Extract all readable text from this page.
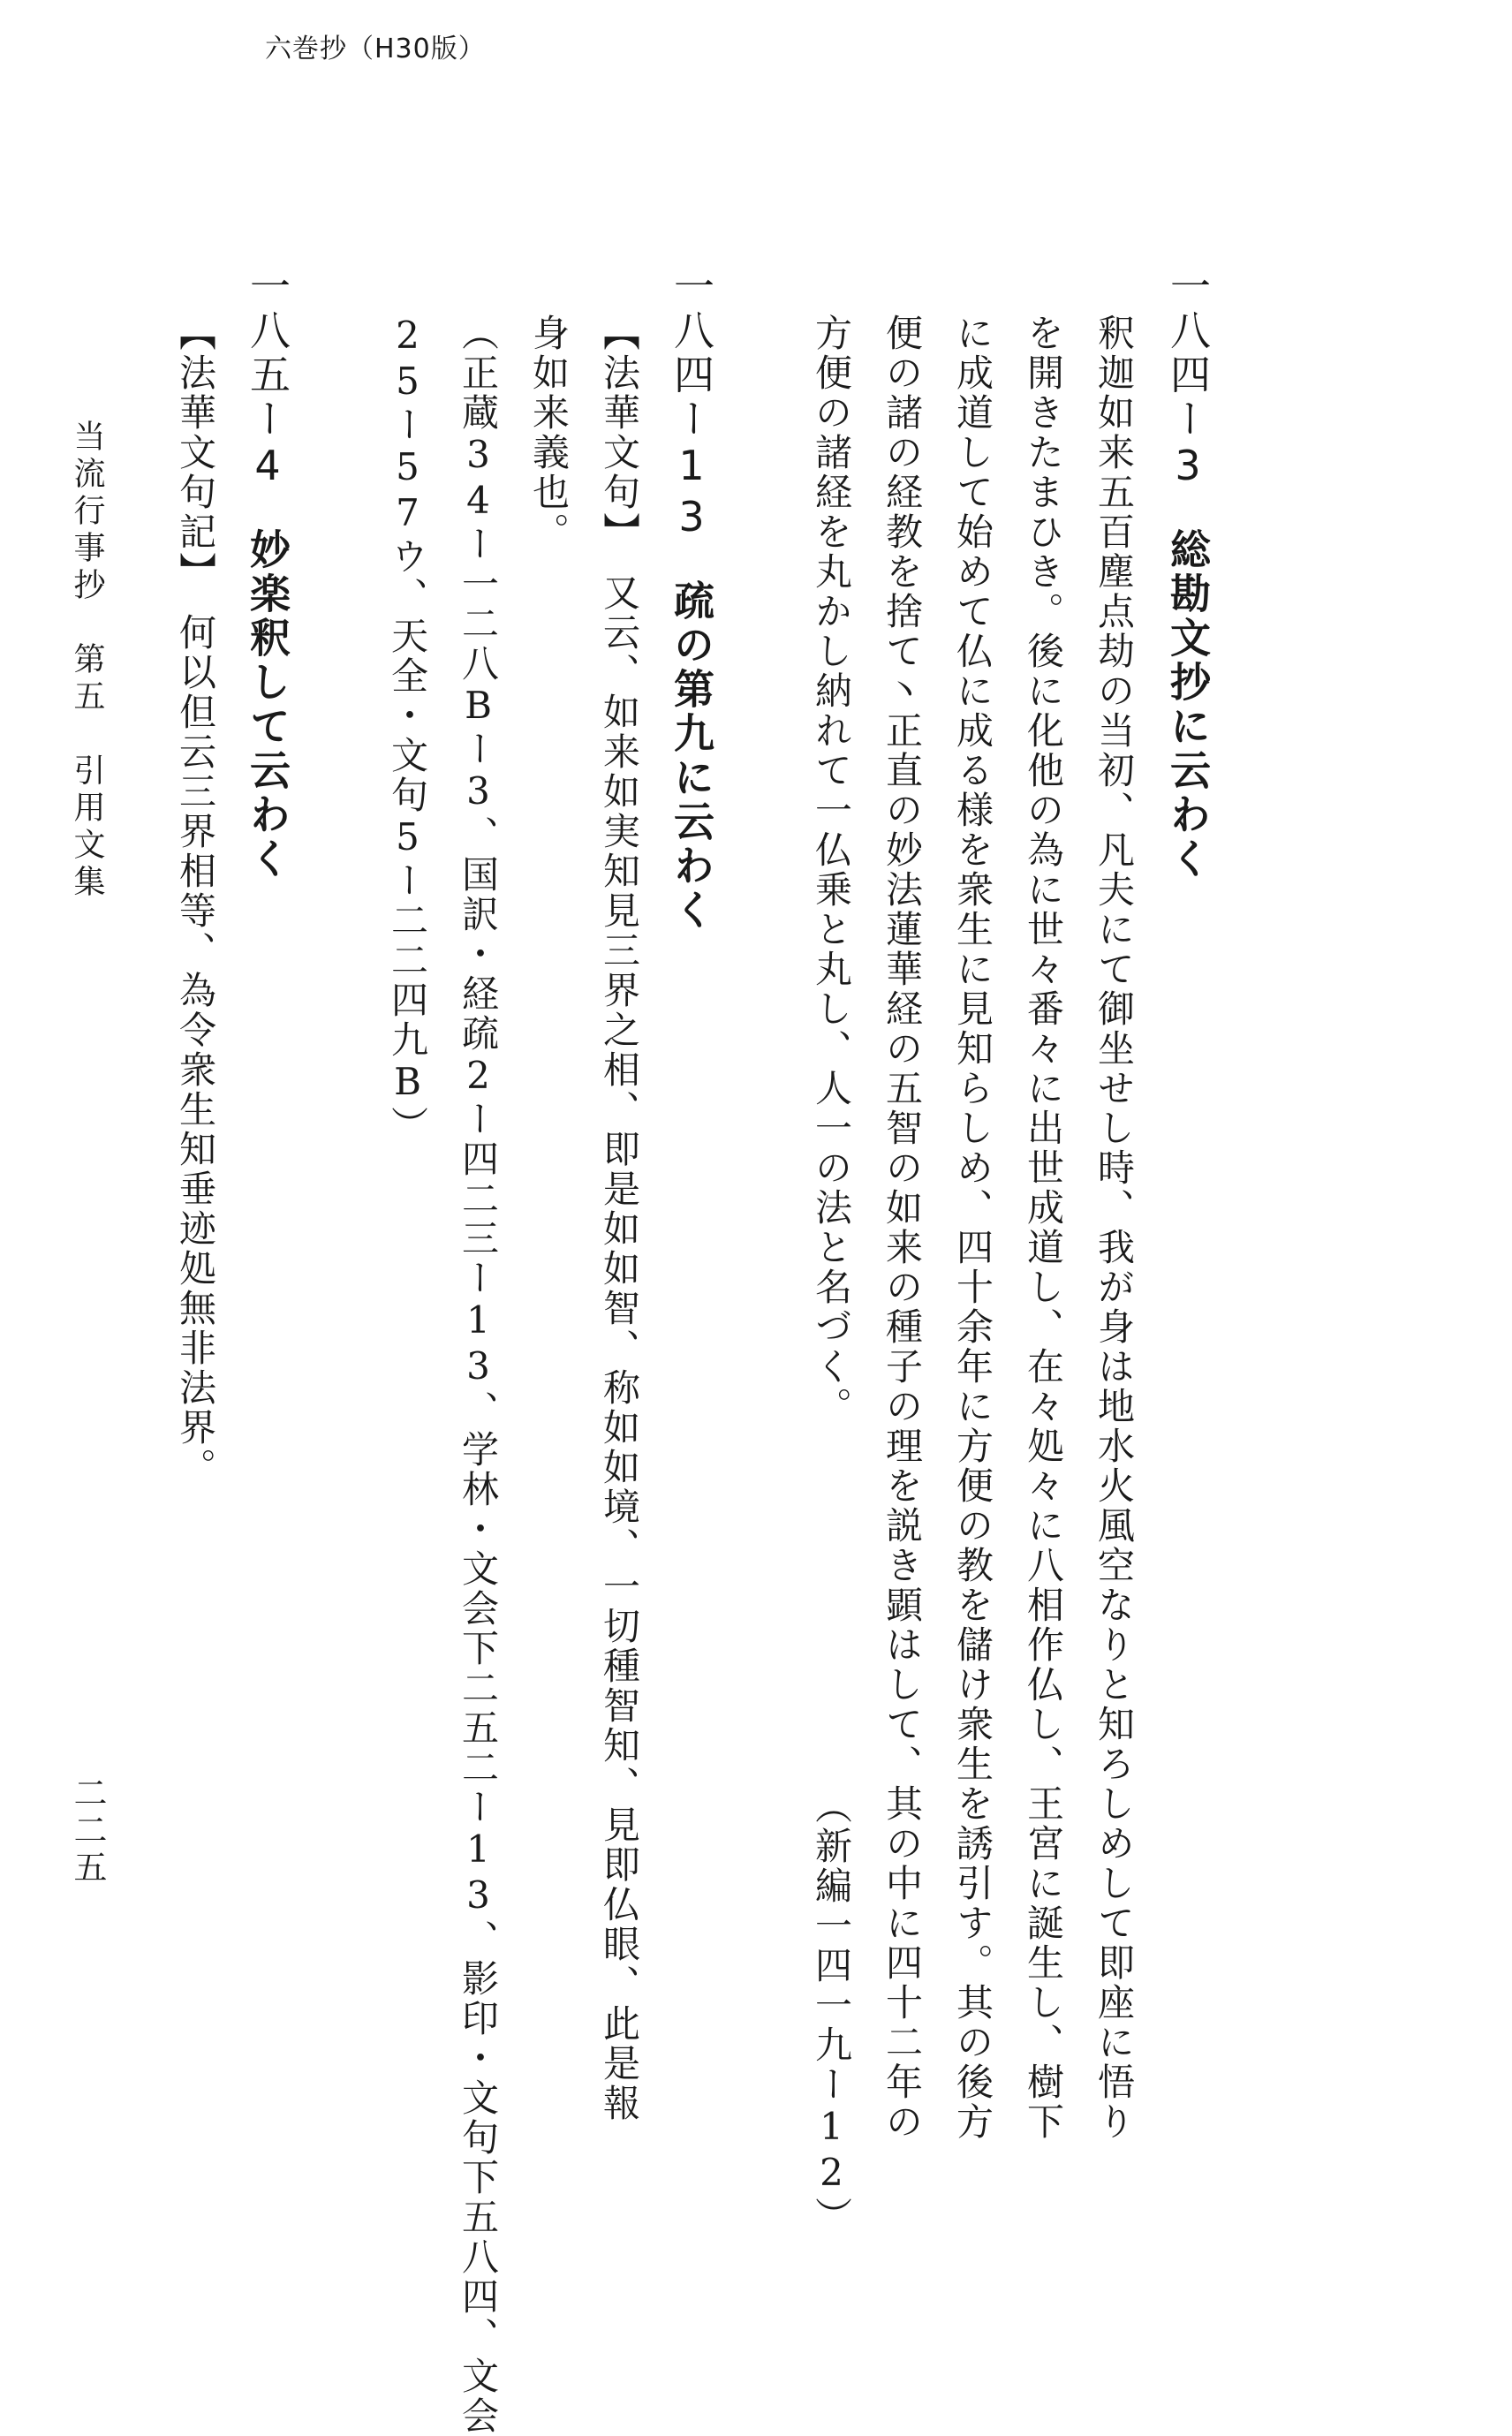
六巻抄（H30版）
一八四ー3総勘文抄に云わく
釈迦如来五百塵点劫の当初、凡夫にて御坐せし時、我が身は地水火風空なりと知ろしめして即座に悟り
を開きたまひき。後に化他の為に世々番々に出世成道し、在々処々に八相作仏し、王宮に誕生し、樹下
に成道して始めて仏に成る様を衆生に見知らしめ、四十余年に方便の教を儲け衆生を誘引す。其の後方
便の諸の経教を捨て丶正直の妙法蓮華経の五智の如来の種子の理を説き顕はして、其の中に四十二年の
方便の諸経を丸かし納れて一仏乗と丸し、人一の法と名づく。　　　　　　　　　　（新編一四一九ー12）
一八四ー13疏の第九に云わく
【法華文句】　又云、如来如実知見三界之相、即是如如智、称如如境、一切種智知、見即仏眼、此是報
身如来義也。
（正蔵34ー一二八Bー3、国訳・経疏2ー四二三ー13、学林・文会下二五二ー13、影印・文句下五八四、文会
25ー57ウ、天全・文句5ー二二四九B）
一八五ー4妙楽釈して云わく
【法華文句記】　何以但云三界相等、為令衆生知垂迹処無非法界。
当流行事抄　第五　引用文集
二二五
